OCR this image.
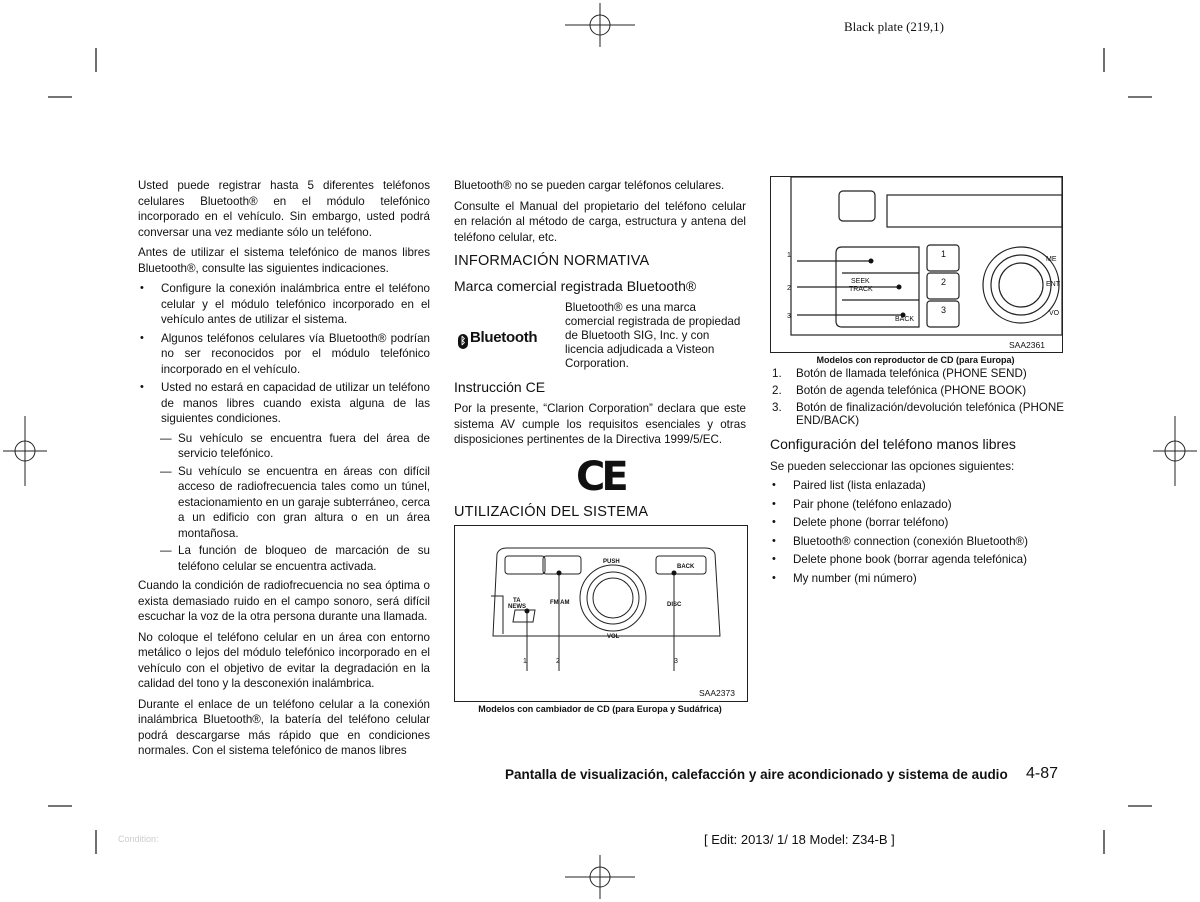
Black plate (219,1)

Usted puede registrar hasta 5 diferentes teléfonos celulares Bluetooth® en el módulo telefónico incorporado en el vehículo. Sin embargo, usted podrá conversar una vez mediante sólo un teléfono.

Antes de utilizar el sistema telefónico de manos libres Bluetooth®, consulte las siguientes indicaciones.

• Configure la conexión inalámbrica entre el teléfono celular y el módulo telefónico incorporado en el vehículo antes de utilizar el sistema.
• Algunos teléfonos celulares vía Bluetooth® podrían no ser reconocidos por el módulo telefónico incorporado en el vehículo.
• Usted no estará en capacidad de utilizar un teléfono de manos libres cuando exista alguna de las siguientes condiciones.
— Su vehículo se encuentra fuera del área de servicio telefónico.
— Su vehículo se encuentra en áreas con difícil acceso de radiofrecuencia tales como un túnel, estacionamiento en un garaje subterráneo, cerca a un edificio con gran altura o en un área montañosa.
— La función de bloqueo de marcación de su teléfono celular se encuentra activada.

Cuando la condición de radiofrecuencia no sea óptima o exista demasiado ruido en el campo sonoro, será difícil escuchar la voz de la otra persona durante una llamada.

No coloque el teléfono celular en un área con entorno metálico o lejos del módulo telefónico incorporado en el vehículo con el objetivo de evitar la degradación en la calidad del tono y la desconexión inalámbrica.

Durante el enlace de un teléfono celular a la conexión inalámbrica Bluetooth®, la batería del teléfono celular podrá descargarse más rápido que en condiciones normales. Con el sistema telefónico de manos libres

Bluetooth® no se pueden cargar teléfonos celulares.

Consulte el Manual del propietario del teléfono celular en relación al método de carga, estructura y antena del teléfono celular, etc.

INFORMACIÓN NORMATIVA
Marca comercial registrada Bluetooth®
ᛒ Bluetooth
Bluetooth® es una marca comercial registrada de propiedad de Bluetooth SIG, Inc. y con licencia adjudicada a Visteon Corporation.
Instrucción CE
Por la presente, “Clarion Corporation” declara que este sistema AV cumple los requisitos esenciales y otras disposiciones pertinentes de la Directiva 1999/5/EC.
CE
UTILIZACIÓN DEL SISTEMA
PUSH
BACK
TA
NEWS
FM AM	DISC
VOL
1	2	3
SAA2373
Modelos con cambiador de CD (para Europa y Sudáfrica)
1
2
3
SEEK
TRACK
BACK
1
2
3
ENT
ME
VO
SAA2361
Modelos con reproductor de CD (para Europa)
1. Botón de llamada telefónica (PHONE SEND)
2. Botón de agenda telefónica (PHONE BOOK)
3. Botón de finalización/devolución telefónica (PHONE END/BACK)
Configuración del teléfono manos libres
Se pueden seleccionar las opciones siguientes:
• Paired list (lista enlazada)
• Pair phone (teléfono enlazado)
• Delete phone (borrar teléfono)
• Bluetooth® connection (conexión Bluetooth®)
• Delete phone book (borrar agenda telefónica)
• My number (mi número)
Pantalla de visualización, calefacción y aire acondicionado y sistema de audio 4-87
Condition:	[ Edit: 2013/ 1/ 18 Model: Z34-B ]
